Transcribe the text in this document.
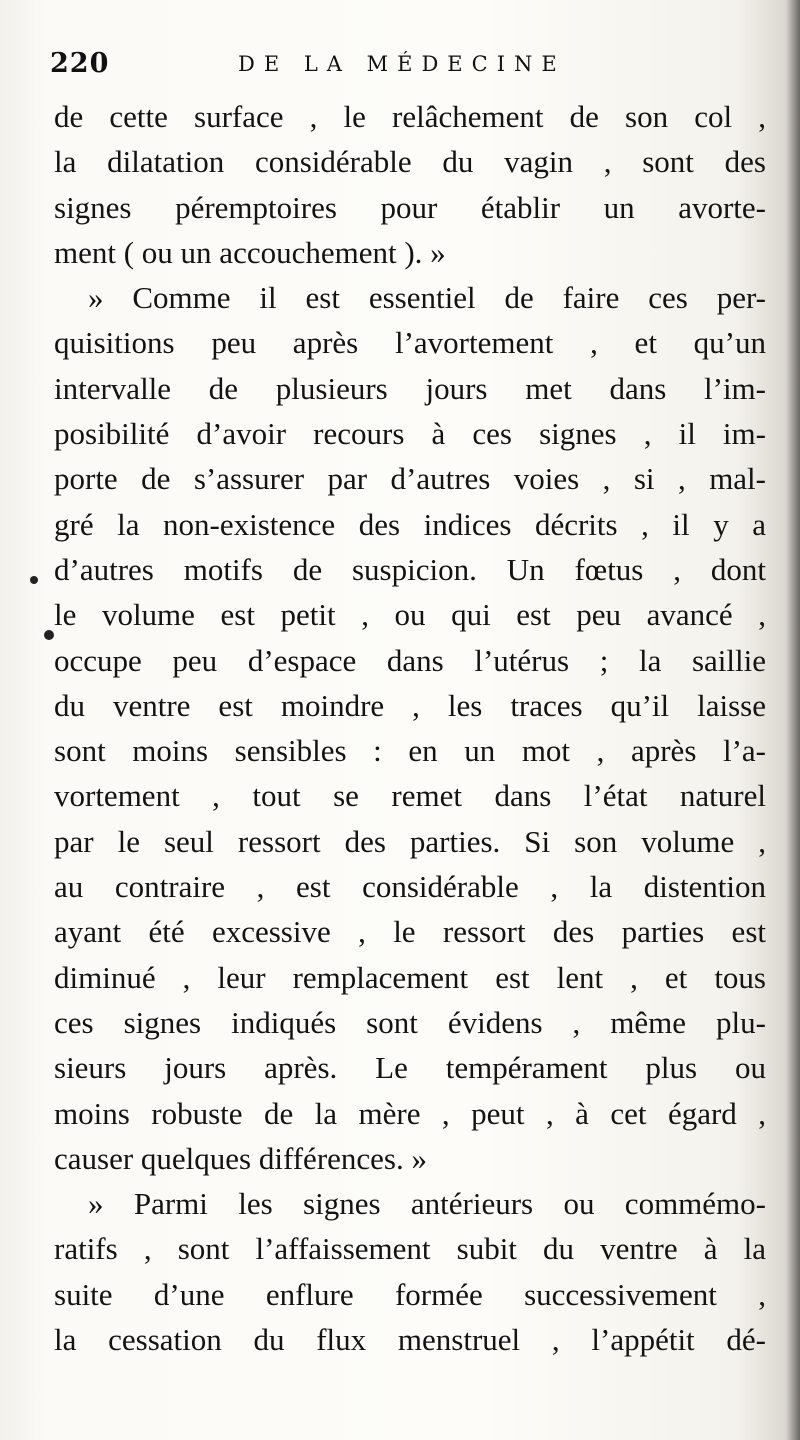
220	DE LA MÉDECINE
de cette surface , le relâchement de son col ,
la dilatation considérable du vagin , sont des
signes péremptoires pour établir un avorte-
ment ( ou un accouchement ). »
» Comme il est essentiel de faire ces per-
quisitions peu après l’avortement , et qu’un
intervalle de plusieurs jours met dans l’im-
posibilité d’avoir recours à ces signes , il im-
porte de s’assurer par d’autres voies , si , mal-
gré la non-existence des indices décrits , il y a
d’autres motifs de suspicion. Un fœtus , dont
le volume est petit , ou qui est peu avancé ,
occupe peu d’espace dans l’utérus ; la saillie
du ventre est moindre , les traces qu’il laisse
sont moins sensibles : en un mot , après l’a-
vortement , tout se remet dans l’état naturel
par le seul ressort des parties. Si son volume ,
au contraire , est considérable , la distention
ayant été excessive , le ressort des parties est
diminué , leur remplacement est lent , et tous
ces signes indiqués sont évidens , même plu-
sieurs jours après. Le tempérament plus ou
moins robuste de la mère , peut , à cet égard ,
causer quelques différences. »
» Parmi les signes antérieurs ou commémo-
ratifs , sont l’affaissement subit du ventre à la
suite d’une enflure formée successivement ,
la cessation du flux menstruel , l’appétit dé-
